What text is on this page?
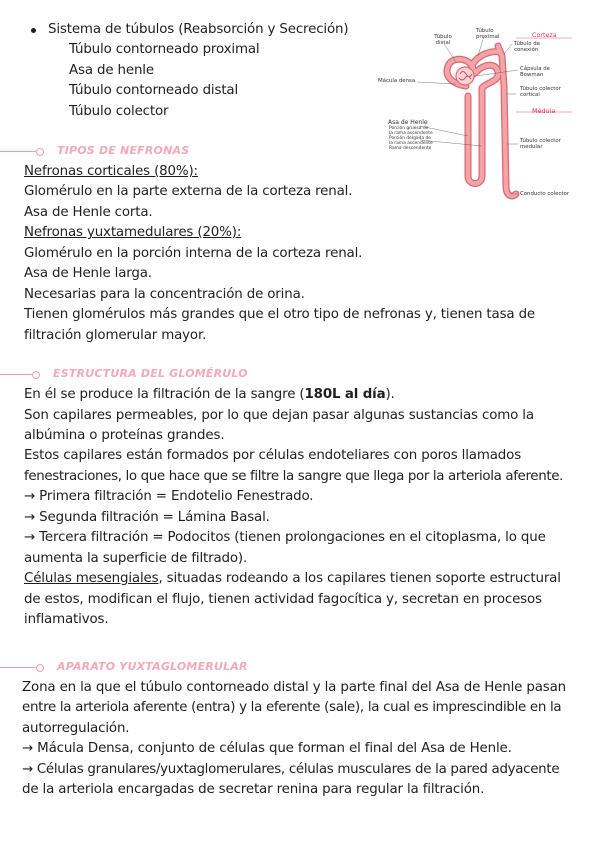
Sistema de túbulos (Reabsorción y Secreción)
Túbulo contorneado proximal
Asa de henle
Túbulo contorneado distal
Túbulo colector
Túbulo distal
Túbulo proximal	Corteza
Túbulo de conexión
Mácula densa
Cápsula de Bowman
Túbulo colector cortical
Médula
Asa de Henle
Porción gruesa de
la rama ascendente
Porción delgada de
la rama ascendente
Rama descendente
Túbulo colector medular
Conducto colector
TIPOS DE NEFRONAS
Nefronas corticales (80%):
Glomérulo en la parte externa de la corteza renal.
Asa de Henle corta.
Nefronas yuxtamedulares (20%):
Glomérulo en la porción interna de la corteza renal.
Asa de Henle larga.
Necesarias para la concentración de orina.
Tienen glomérulos más grandes que el otro tipo de nefronas y, tienen tasa de
filtración glomerular mayor.
ESTRUCTURA DEL GLOMÉRULO
En él se produce la filtración de la sangre (180L al día).
Son capilares permeables, por lo que dejan pasar algunas sustancias como la
albúmina o proteínas grandes.
Estos capilares están formados por células endoteliares con poros llamados
fenestraciones, lo que hace que se filtre la sangre que llega por la arteriola aferente.
→ Primera filtración = Endotelio Fenestrado.
→ Segunda filtración = Lámina Basal.
→ Tercera filtración = Podocitos (tienen prolongaciones en el citoplasma, lo que
aumenta la superficie de filtrado).
Células mesengiales, situadas rodeando a los capilares tienen soporte estructural
de estos, modifican el flujo, tienen actividad fagocítica y, secretan en procesos
inflamativos.
APARATO YUXTAGLOMERULAR
Zona en la que el túbulo contorneado distal y la parte final del Asa de Henle pasan
entre la arteriola aferente (entra) y la eferente (sale), la cual es imprescindible en la
autorregulación.
→ Mácula Densa, conjunto de células que forman el final del Asa de Henle.
→ Células granulares/yuxtaglomerulares, células musculares de la pared adyacente
de la arteriola encargadas de secretar renina para regular la filtración.
